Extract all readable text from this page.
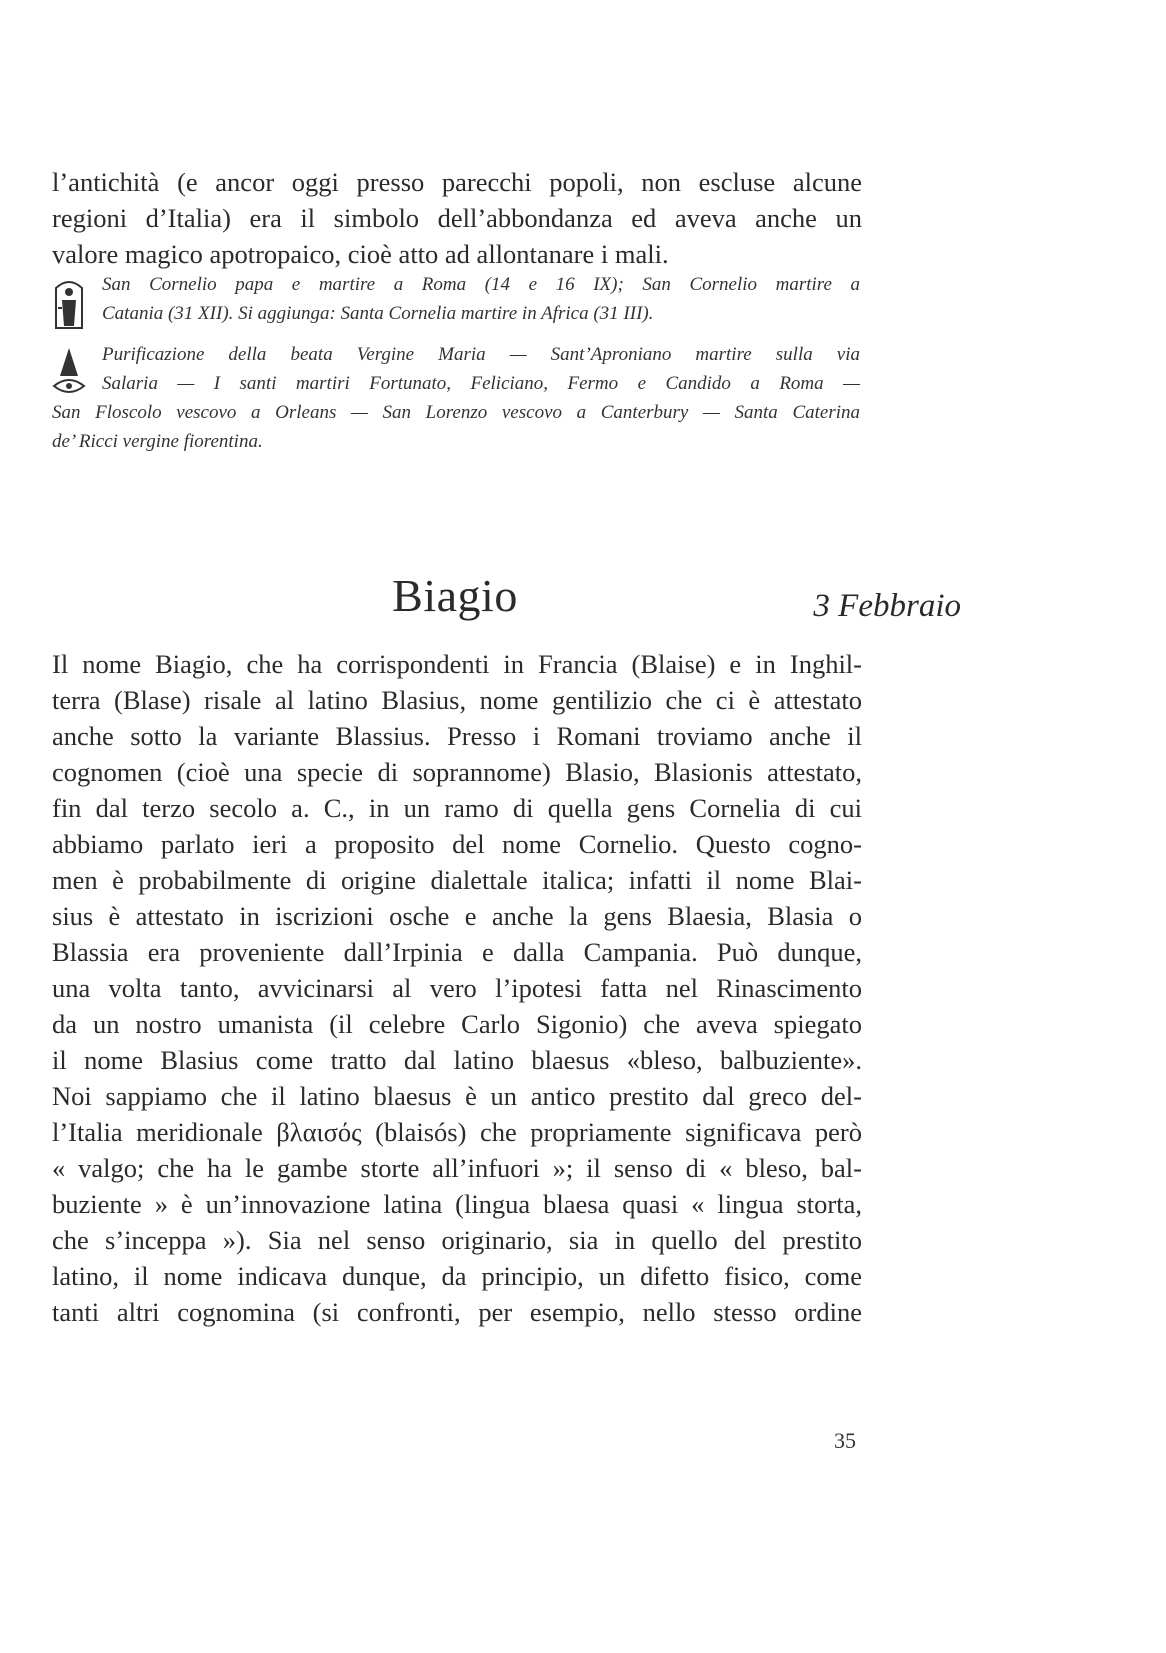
l’antichità (e ancor oggi presso parecchi popoli, non escluse alcune
regioni d’Italia) era il simbolo dell’abbondanza ed aveva anche un
valore magico apotropaico, cioè atto ad allontanare i mali.
San Cornelio papa e martire a Roma (14 e 16 IX); San Cornelio martire a
Catania (31 XII). Si aggiunga: Santa Cornelia martire in Africa (31 III).
Purificazione della beata Vergine Maria — Sant’Aproniano martire sulla via
Salaria — I santi martiri Fortunato, Feliciano, Fermo e Candido a Roma —
San Floscolo vescovo a Orleans — San Lorenzo vescovo a Canterbury — Santa Caterina
de’ Ricci vergine fiorentina.
Biagio	3 Febbraio
Il nome Biagio, che ha corrispondenti in Francia (Blaise) e in Inghil-
terra (Blase) risale al latino Blasius, nome gentilizio che ci è attestato
anche sotto la variante Blassius. Presso i Romani troviamo anche il
cognomen (cioè una specie di soprannome) Blasio, Blasionis attestato,
fin dal terzo secolo a. C., in un ramo di quella gens Cornelia di cui
abbiamo parlato ieri a proposito del nome Cornelio. Questo cogno-
men è probabilmente di origine dialettale italica; infatti il nome Blai-
sius è attestato in iscrizioni osche e anche la gens Blaesia, Blasia o
Blassia era proveniente dall’Irpinia e dalla Campania. Può dunque,
una volta tanto, avvicinarsi al vero l’ipotesi fatta nel Rinascimento
da un nostro umanista (il celebre Carlo Sigonio) che aveva spiegato
il nome Blasius come tratto dal latino blaesus «bleso, balbuziente».
Noi sappiamo che il latino blaesus è un antico prestito dal greco del-
l’Italia meridionale βλαισός (blaisós) che propriamente significava però
« valgo; che ha le gambe storte all’infuori »; il senso di « bleso, bal-
buziente » è un’innovazione latina (lingua blaesa quasi « lingua storta,
che s’inceppa »). Sia nel senso originario, sia in quello del prestito
latino, il nome indicava dunque, da principio, un difetto fisico, come
tanti altri cognomina (si confronti, per esempio, nello stesso ordine
35
